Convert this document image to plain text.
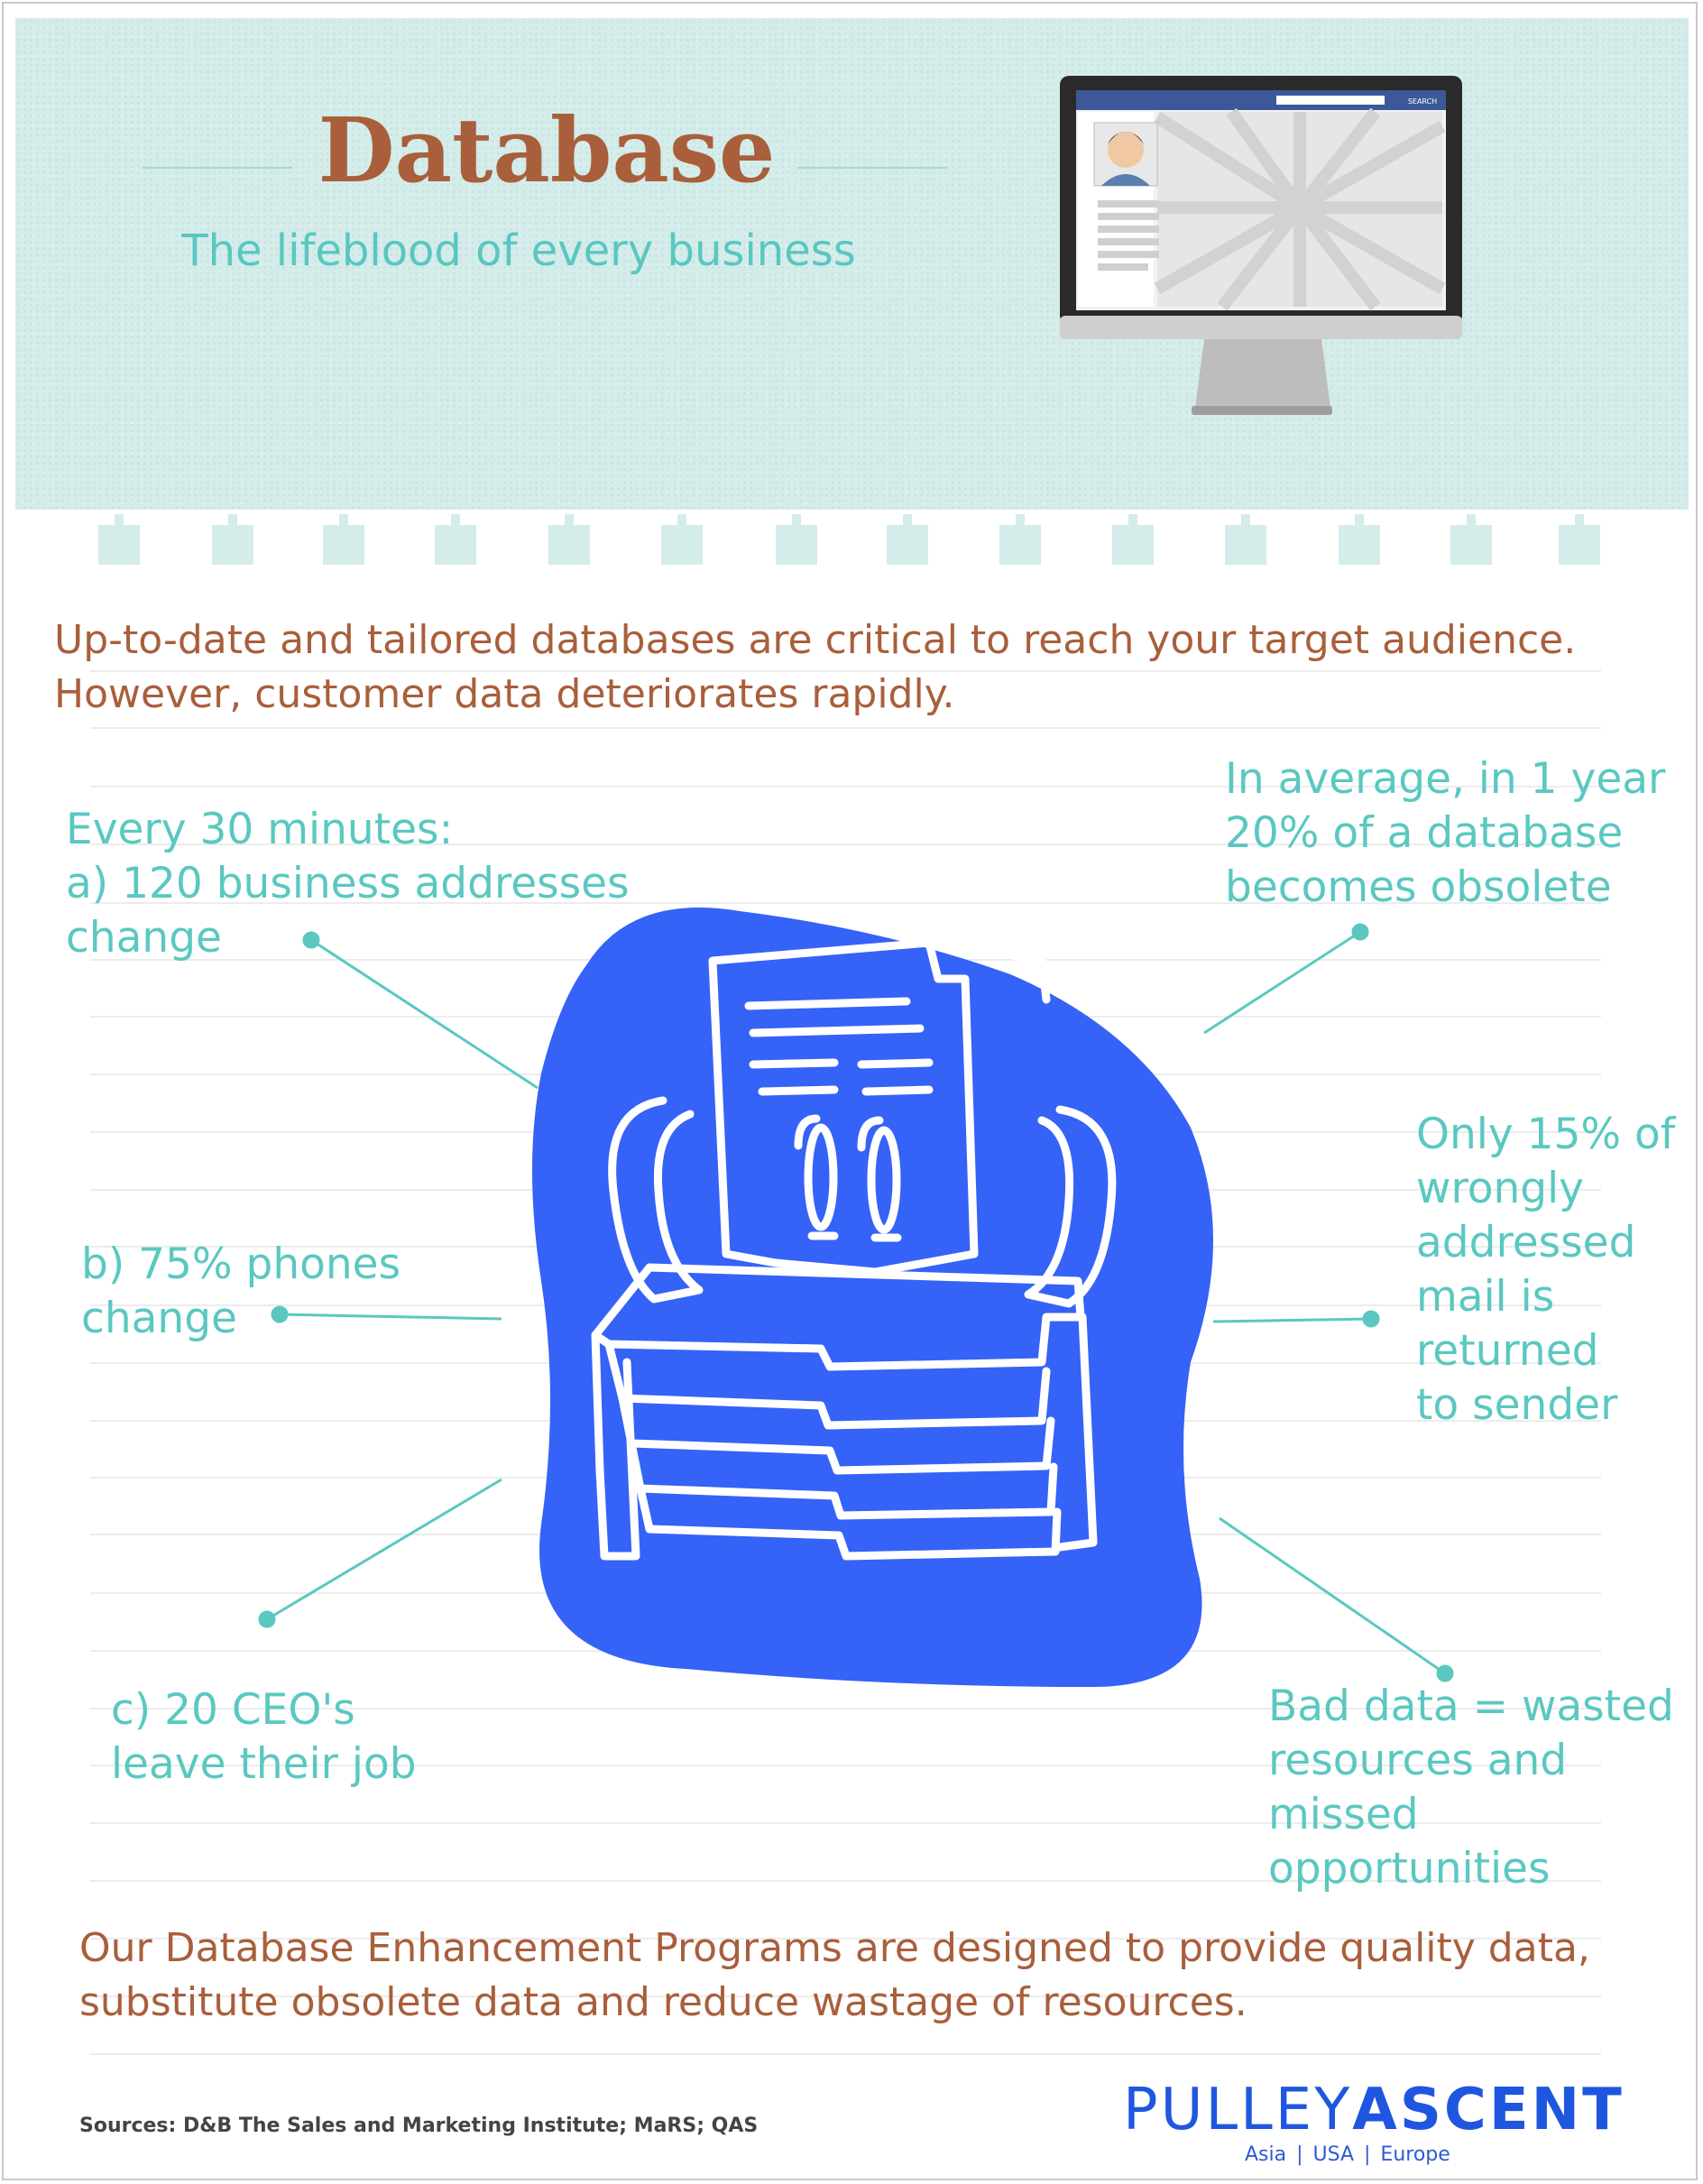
Database
The lifeblood of every business
SEARCH
Up-to-date and tailored databases are critical to reach your target audience.
However, customer data deteriorates rapidly.
Every 30 minutes:
a) 120 business addresses
change
b) 75% phones
change
c) 20 CEO's
leave their job
In average, in 1 year
20% of a database
becomes obsolete
Only 15% of
wrongly
addressed
mail is
returned
to sender
Bad data = wasted
resources and
missed opportunities
Our Database Enhancement Programs are designed to provide quality data,
substitute obsolete data and reduce wastage of resources.
Sources: D&B The Sales and Marketing Institute; MaRS; QAS	PULLEYASCENT
Asia | USA | Europe
